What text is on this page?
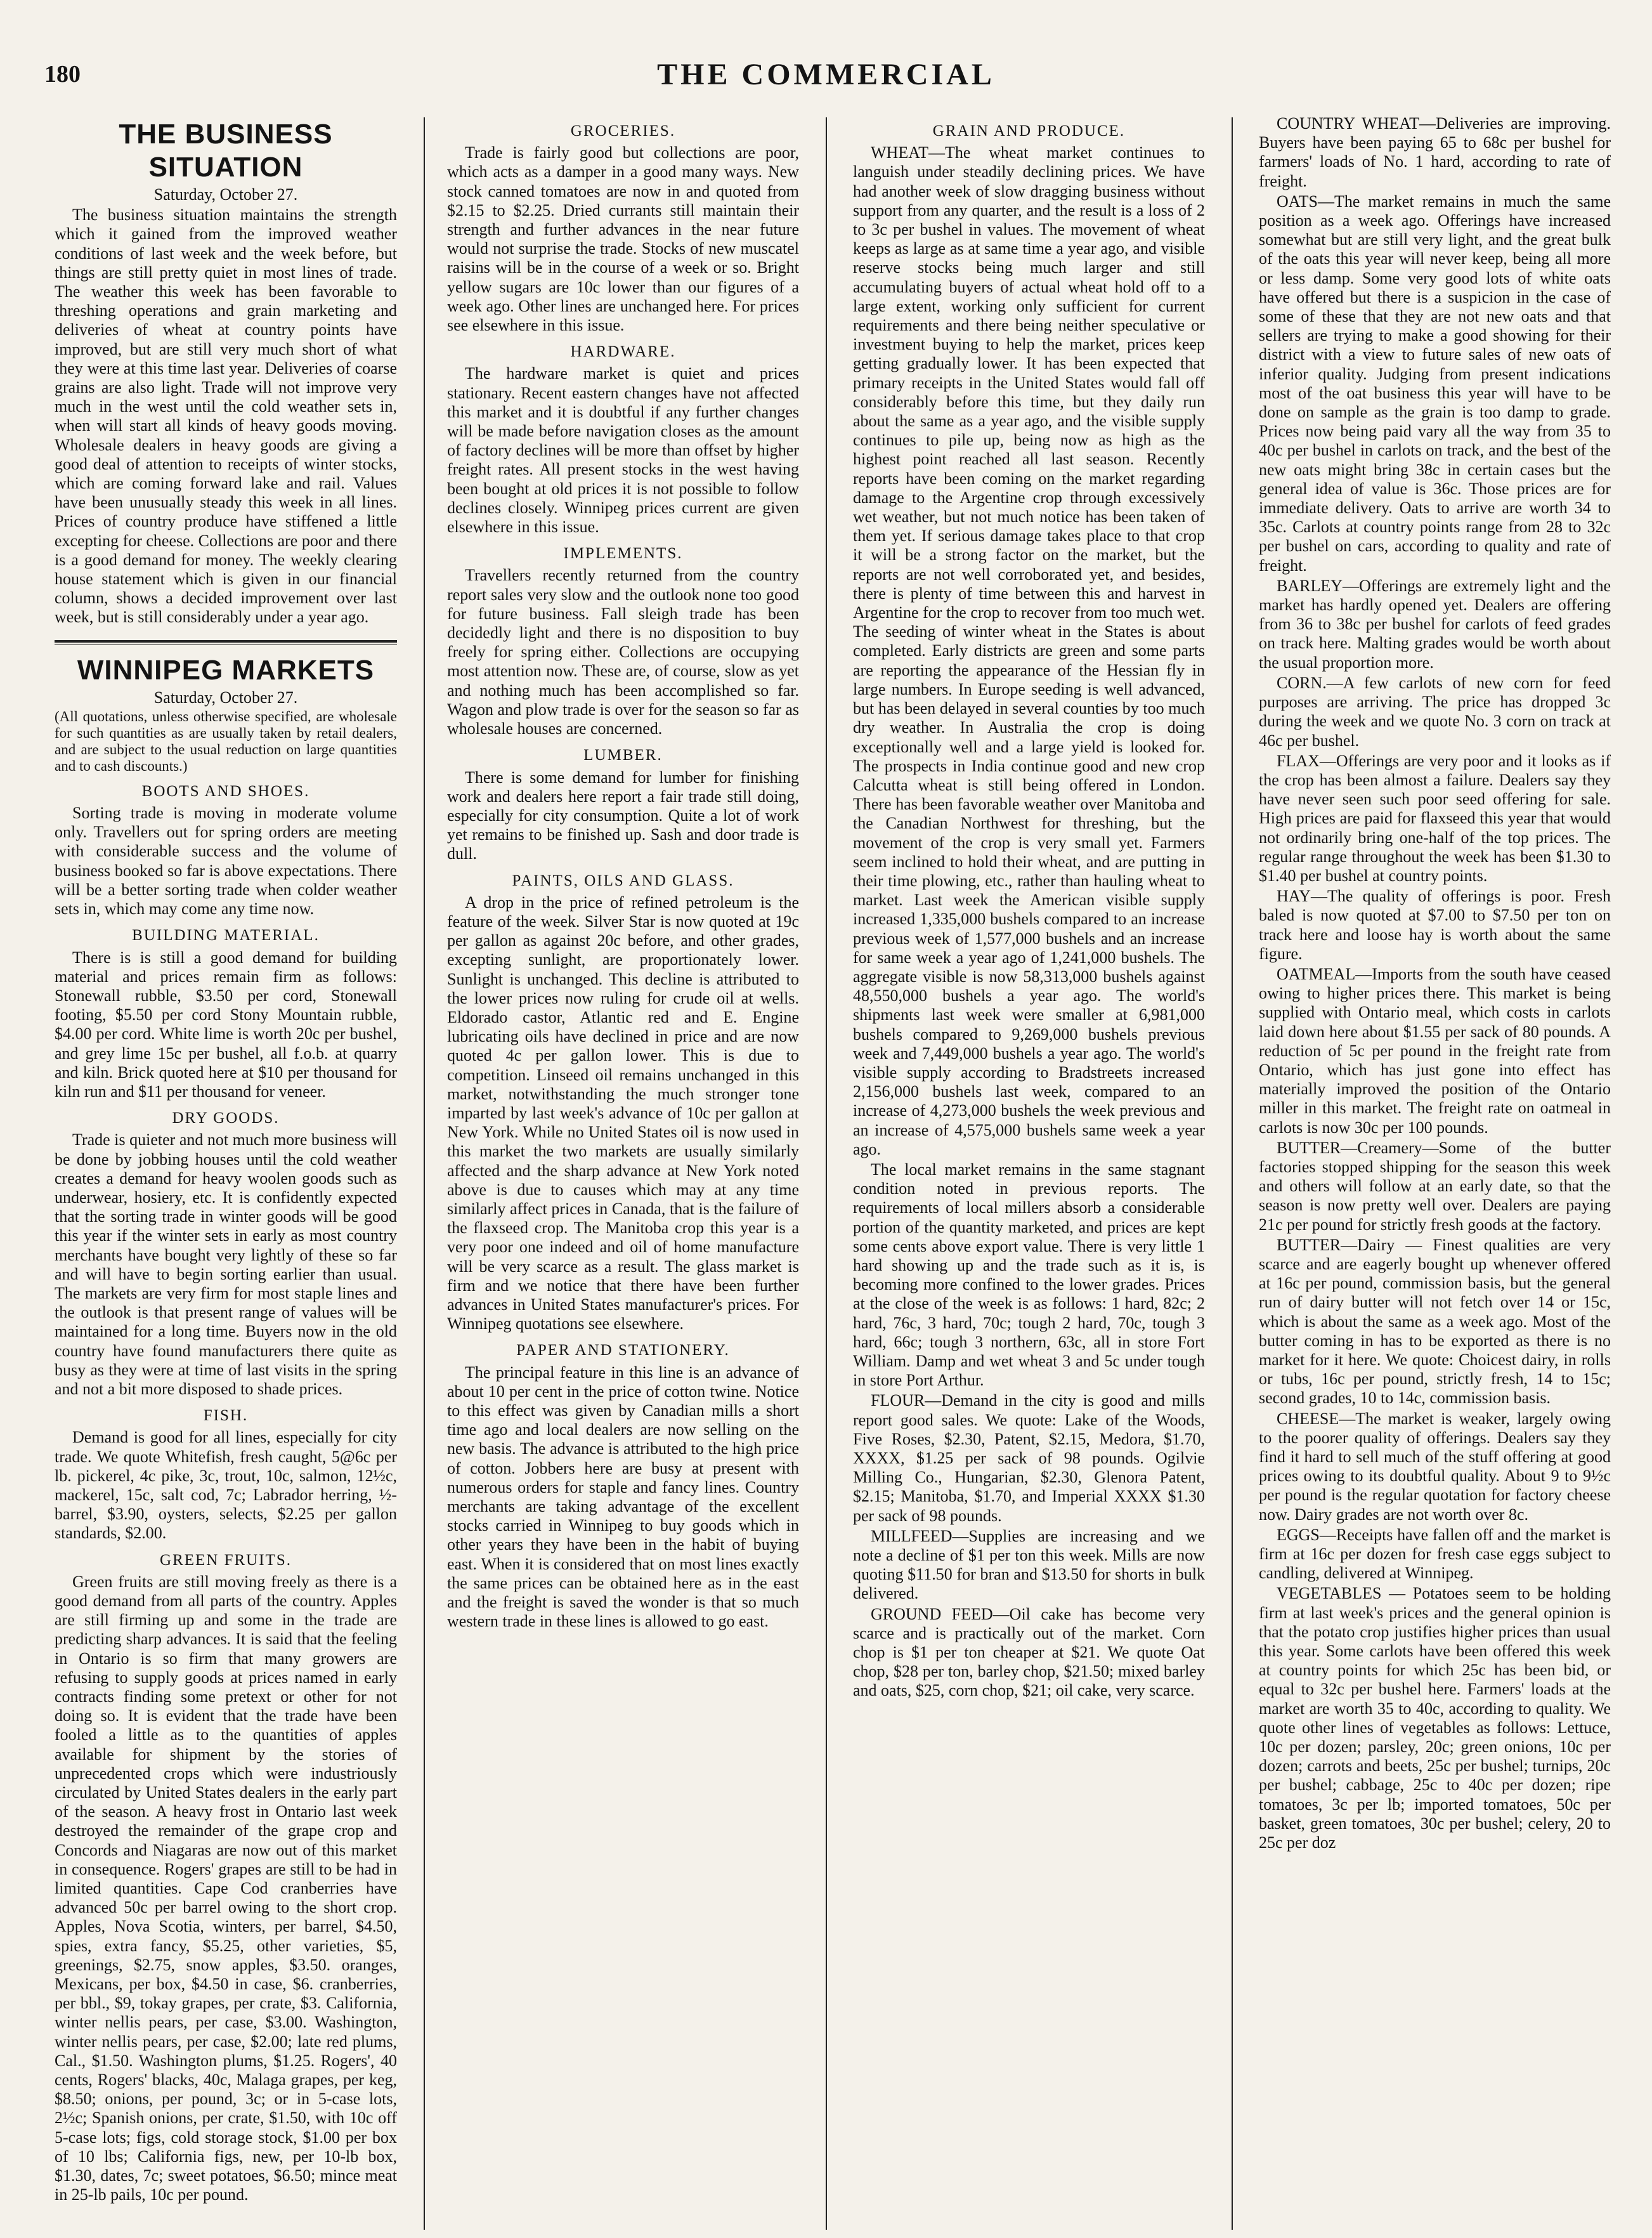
180	THE COMMERCIAL
THE BUSINESS SITUATION
Saturday, October 27.

The business situation maintains the strength which it gained from the improved weather conditions of last week and the week before, but things are still pretty quiet in most lines of trade. The weather this week has been favorable to threshing operations and grain marketing and deliveries of wheat at country points have improved, but are still very much short of what they were at this time last year. Deliveries of coarse grains are also light. Trade will not improve very much in the west until the cold weather sets in, when will start all kinds of heavy goods moving. Wholesale dealers in heavy goods are giving a good deal of attention to receipts of winter stocks, which are coming forward lake and rail. Values have been unusually steady this week in all lines. Prices of country produce have stiffened a little excepting for cheese. Collections are poor and there is a good demand for money. The weekly clearing house statement which is given in our financial column, shows a decided improvement over last week, but is still considerably under a year ago.

WINNIPEG MARKETS
Saturday, October 27.

(All quotations, unless otherwise specified, are wholesale for such quantities as are usually taken by retail dealers, and are subject to the usual reduction on large quantities and to cash discounts.)

BOOTS AND SHOES.

Sorting trade is moving in moderate volume only. Travellers out for spring orders are meeting with considerable success and the volume of business booked so far is above expectations. There will be a better sorting trade when colder weather sets in, which may come any time now.

BUILDING MATERIAL.

There is is still a good demand for building material and prices remain firm as follows: Stonewall rubble, $3.50 per cord, Stonewall footing, $5.50 per cord Stony Mountain rubble, $4.00 per cord. White lime is worth 20c per bushel, and grey lime 15c per bushel, all f.o.b. at quarry and kiln. Brick quoted here at $10 per thousand for kiln run and $11 per thousand for veneer.

DRY GOODS.

Trade is quieter and not much more business will be done by jobbing houses until the cold weather creates a demand for heavy woolen goods such as underwear, hosiery, etc. It is confidently expected that the sorting trade in winter goods will be good this year if the winter sets in early as most country merchants have bought very lightly of these so far and will have to begin sorting earlier than usual. The markets are very firm for most staple lines and the outlook is that present range of values will be maintained for a long time. Buyers now in the old country have found manufacturers there quite as busy as they were at time of last visits in the spring and not a bit more disposed to shade prices.

FISH.

Demand is good for all lines, especially for city trade. We quote Whitefish, fresh caught, 5@6c per lb. pickerel, 4c pike, 3c, trout, 10c, salmon, 12½c, mackerel, 15c, salt cod, 7c; Labrador herring, ½-barrel, $3.90, oysters, selects, $2.25 per gallon standards, $2.00.

GREEN FRUITS.

Green fruits are still moving freely as there is a good demand from all parts of the country. Apples are still firming up and some in the trade are predicting sharp advances. It is said that the feeling in Ontario is so firm that many growers are refusing to supply goods at prices named in early contracts finding some pretext or other for not doing so. It is evident that the trade have been fooled a little as to the quantities of apples available for shipment by the stories of unprecedented crops which were industriously circulated by United States dealers in the early part of the season. A heavy frost in Ontario last week destroyed the remainder of the grape crop and Concords and Niagaras are now out of this market in consequence. Rogers' grapes are still to be had in limited quantities. Cape Cod cranberries have advanced 50c per barrel owing to the short crop. Apples, Nova Scotia, winters, per barrel, $4.50, spies, extra fancy, $5.25, other varieties, $5, greenings, $2.75, snow apples, $3.50. oranges, Mexicans, per box, $4.50 in case, $6. cranberries, per bbl., $9, tokay grapes, per crate, $3. California, winter nellis pears, per case, $3.00. Washington, winter nellis pears, per case, $2.00; late red plums, Cal., $1.50. Washington plums, $1.25. Rogers', 40 cents, Rogers' blacks, 40c, Malaga grapes, per keg, $8.50; onions, per pound, 3c; or in 5-case lots, 2½c; Spanish onions, per crate, $1.50, with 10c off 5-case lots; figs, cold storage stock, $1.00 per box of 10 lbs; California figs, new, per 10-lb box, $1.30, dates, 7c; sweet potatoes, $6.50; mince meat in 25-lb pails, 10c per pound.

GROCERIES.

Trade is fairly good but collections are poor, which acts as a damper in a good many ways. New stock canned tomatoes are now in and quoted from $2.15 to $2.25. Dried currants still maintain their strength and further advances in the near future would not surprise the trade. Stocks of new muscatel raisins will be in the course of a week or so. Bright yellow sugars are 10c lower than our figures of a week ago. Other lines are unchanged here. For prices see elsewhere in this issue.

HARDWARE.

The hardware market is quiet and prices stationary. Recent eastern changes have not affected this market and it is doubtful if any further changes will be made before navigation closes as the amount of factory declines will be more than offset by higher freight rates. All present stocks in the west having been bought at old prices it is not possible to follow declines closely. Winnipeg prices current are given elsewhere in this issue.

IMPLEMENTS.

Travellers recently returned from the country report sales very slow and the outlook none too good for future business. Fall sleigh trade has been decidedly light and there is no disposition to buy freely for spring either. Collections are occupying most attention now. These are, of course, slow as yet and nothing much has been accomplished so far. Wagon and plow trade is over for the season so far as wholesale houses are concerned.

LUMBER.

There is some demand for lumber for finishing work and dealers here report a fair trade still doing, especially for city consumption. Quite a lot of work yet remains to be finished up. Sash and door trade is dull.

PAINTS, OILS AND GLASS.

A drop in the price of refined petroleum is the feature of the week. Silver Star is now quoted at 19c per gallon as against 20c before, and other grades, excepting sunlight, are proportionately lower. Sunlight is unchanged. This decline is attributed to the lower prices now ruling for crude oil at wells. Eldorado castor, Atlantic red and E. Engine lubricating oils have declined in price and are now quoted 4c per gallon lower. This is due to competition. Linseed oil remains unchanged in this market, notwithstanding the much stronger tone imparted by last week's advance of 10c per gallon at New York. While no United States oil is now used in this market the two markets are usually similarly affected and the sharp advance at New York noted above is due to causes which may at any time similarly affect prices in Canada, that is the failure of the flaxseed crop. The Manitoba crop this year is a very poor one indeed and oil of home manufacture will be very scarce as a result. The glass market is firm and we notice that there have been further advances in United States manufacturer's prices. For Winnipeg quotations see elsewhere.

PAPER AND STATIONERY.

The principal feature in this line is an advance of about 10 per cent in the price of cotton twine. Notice to this effect was given by Canadian mills a short time ago and local dealers are now selling on the new basis. The advance is attributed to the high price of cotton. Jobbers here are busy at present with numerous orders for staple and fancy lines. Country merchants are taking advantage of the excellent stocks carried in Winnipeg to buy goods which in other years they have been in the habit of buying east. When it is considered that on most lines exactly the same prices can be obtained here as in the east and the freight is saved the wonder is that so much western trade in these lines is allowed to go east.

GRAIN AND PRODUCE.

WHEAT—The wheat market continues to languish under steadily declining prices. We have had another week of slow dragging business without support from any quarter, and the result is a loss of 2 to 3c per bushel in values. The movement of wheat keeps as large as at same time a year ago, and visible reserve stocks being much larger and still accumulating buyers of actual wheat hold off to a large extent, working only sufficient for current requirements and there being neither speculative or investment buying to help the market, prices keep getting gradually lower. It has been expected that primary receipts in the United States would fall off considerably before this time, but they daily run about the same as a year ago, and the visible supply continues to pile up, being now as high as the highest point reached all last season. Recently reports have been coming on the market regarding damage to the Argentine crop through excessively wet weather, but not much notice has been taken of them yet. If serious damage takes place to that crop it will be a strong factor on the market, but the reports are not well corroborated yet, and besides, there is plenty of time between this and harvest in Argentine for the crop to recover from too much wet. The seeding of winter wheat in the States is about completed. Early districts are green and some parts are reporting the appearance of the Hessian fly in large numbers. In Europe seeding is well advanced, but has been delayed in several counties by too much dry weather. In Australia the crop is doing exceptionally well and a large yield is looked for. The prospects in India continue good and new crop Calcutta wheat is still being offered in London. There has been favorable weather over Manitoba and the Canadian Northwest for threshing, but the movement of the crop is very small yet. Farmers seem inclined to hold their wheat, and are putting in their time plowing, etc., rather than hauling wheat to market. Last week the American visible supply increased 1,335,000 bushels compared to an increase previous week of 1,577,000 bushels and an increase for same week a year ago of 1,241,000 bushels. The aggregate visible is now 58,313,000 bushels against 48,550,000 bushels a year ago. The world's shipments last week were smaller at 6,981,000 bushels compared to 9,269,000 bushels previous week and 7,449,000 bushels a year ago. The world's visible supply according to Bradstreets increased 2,156,000 bushels last week, compared to an increase of 4,273,000 bushels the week previous and an increase of 4,575,000 bushels same week a year ago.

The local market remains in the same stagnant condition noted in previous reports. The requirements of local millers absorb a considerable portion of the quantity marketed, and prices are kept some cents above export value. There is very little 1 hard showing up and the trade such as it is, is becoming more confined to the lower grades. Prices at the close of the week is as follows: 1 hard, 82c; 2 hard, 76c, 3 hard, 70c; tough 2 hard, 70c, tough 3 hard, 66c; tough 3 northern, 63c, all in store Fort William. Damp and wet wheat 3 and 5c under tough in store Port Arthur.

FLOUR—Demand in the city is good and mills report good sales. We quote: Lake of the Woods, Five Roses, $2.30, Patent, $2.15, Medora, $1.70, XXXX, $1.25 per sack of 98 pounds. Ogilvie Milling Co., Hungarian, $2.30, Glenora Patent, $2.15; Manitoba, $1.70, and Imperial XXXX $1.30 per sack of 98 pounds.

MILLFEED—Supplies are increasing and we note a decline of $1 per ton this week. Mills are now quoting $11.50 for bran and $13.50 for shorts in bulk delivered.

GROUND FEED—Oil cake has become very scarce and is practically out of the market. Corn chop is $1 per ton cheaper at $21. We quote Oat chop, $28 per ton, barley chop, $21.50; mixed barley and oats, $25, corn chop, $21; oil cake, very scarce.

COUNTRY WHEAT—Deliveries are improving. Buyers have been paying 65 to 68c per bushel for farmers' loads of No. 1 hard, according to rate of freight.

OATS—The market remains in much the same position as a week ago. Offerings have increased somewhat but are still very light, and the great bulk of the oats this year will never keep, being all more or less damp. Some very good lots of white oats have offered but there is a suspicion in the case of some of these that they are not new oats and that sellers are trying to make a good showing for their district with a view to future sales of new oats of inferior quality. Judging from present indications most of the oat business this year will have to be done on sample as the grain is too damp to grade. Prices now being paid vary all the way from 35 to 40c per bushel in carlots on track, and the best of the new oats might bring 38c in certain cases but the general idea of value is 36c. Those prices are for immediate delivery. Oats to arrive are worth 34 to 35c. Carlots at country points range from 28 to 32c per bushel on cars, according to quality and rate of freight.

BARLEY—Offerings are extremely light and the market has hardly opened yet. Dealers are offering from 36 to 38c per bushel for carlots of feed grades on track here. Malting grades would be worth about the usual proportion more.

CORN.—A few carlots of new corn for feed purposes are arriving. The price has dropped 3c during the week and we quote No. 3 corn on track at 46c per bushel.

FLAX—Offerings are very poor and it looks as if the crop has been almost a failure. Dealers say they have never seen such poor seed offering for sale. High prices are paid for flaxseed this year that would not ordinarily bring one-half of the top prices. The regular range throughout the week has been $1.30 to $1.40 per bushel at country points.

HAY—The quality of offerings is poor. Fresh baled is now quoted at $7.00 to $7.50 per ton on track here and loose hay is worth about the same figure.

OATMEAL—Imports from the south have ceased owing to higher prices there. This market is being supplied with Ontario meal, which costs in carlots laid down here about $1.55 per sack of 80 pounds. A reduction of 5c per pound in the freight rate from Ontario, which has just gone into effect has materially improved the position of the Ontario miller in this market. The freight rate on oatmeal in carlots is now 30c per 100 pounds.

BUTTER—Creamery—Some of the butter factories stopped shipping for the season this week and others will follow at an early date, so that the season is now pretty well over. Dealers are paying 21c per pound for strictly fresh goods at the factory.

BUTTER—Dairy — Finest qualities are very scarce and are eagerly bought up whenever offered at 16c per pound, commission basis, but the general run of dairy butter will not fetch over 14 or 15c, which is about the same as a week ago. Most of the butter coming in has to be exported as there is no market for it here. We quote: Choicest dairy, in rolls or tubs, 16c per pound, strictly fresh, 14 to 15c; second grades, 10 to 14c, commission basis.

CHEESE—The market is weaker, largely owing to the poorer quality of offerings. Dealers say they find it hard to sell much of the stuff offering at good prices owing to its doubtful quality. About 9 to 9½c per pound is the regular quotation for factory cheese now. Dairy grades are not worth over 8c.

EGGS—Receipts have fallen off and the market is firm at 16c per dozen for fresh case eggs subject to candling, delivered at Winnipeg.

VEGETABLES — Potatoes seem to be holding firm at last week's prices and the general opinion is that the potato crop justifies higher prices than usual this year. Some carlots have been offered this week at country points for which 25c has been bid, or equal to 32c per bushel here. Farmers' loads at the market are worth 35 to 40c, according to quality. We quote other lines of vegetables as follows: Lettuce, 10c per dozen; parsley, 20c; green onions, 10c per dozen; carrots and beets, 25c per bushel; turnips, 20c per bushel; cabbage, 25c to 40c per dozen; ripe tomatoes, 3c per lb; imported tomatoes, 50c per basket, green tomatoes, 30c per bushel; celery, 20 to 25c per doz
